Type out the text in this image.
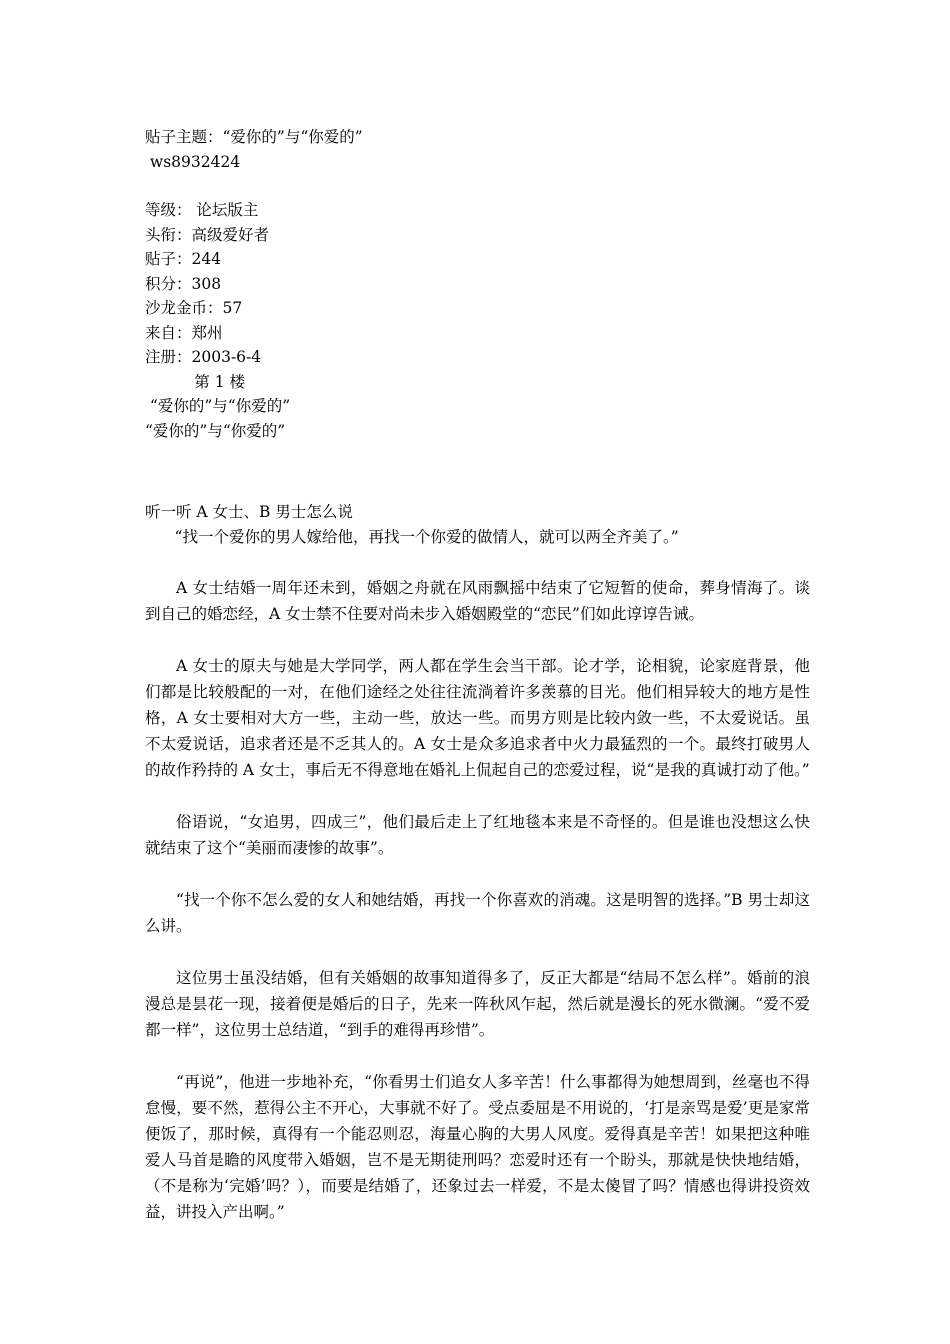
贴子主题：“爱你的”与“你爱的”

ws8932424

等级： 论坛版主

头衔：高级爱好者

贴子：244

积分：308

沙龙金币：57

来自：郑州

注册：2003-6-4

第 1 楼

“爱你的”与“你爱的”

“爱你的”与“你爱的”

听一听 A 女士、B 男士怎么说

“找一个爱你的男人嫁给他，再找一个你爱的做情人，就可以两全齐美了。”

A 女士结婚一周年还未到，婚姻之舟就在风雨飘摇中结束了它短暂的使命，葬身情海了。谈到自己的婚恋经，A 女士禁不住要对尚未步入婚姻殿堂的“恋民”们如此谆谆告诫。

A 女士的原夫与她是大学同学，两人都在学生会当干部。论才学，论相貌，论家庭背景，他们都是比较般配的一对，在他们途经之处往往流淌着许多羡慕的目光。他们相异较大的地方是性格，A 女士要相对大方一些，主动一些，放达一些。而男方则是比较内敛一些，不太爱说话。虽不太爱说话，追求者还是不乏其人的。A 女士是众多追求者中火力最猛烈的一个。最终打破男人的故作矜持的 A 女士，事后无不得意地在婚礼上侃起自己的恋爱过程，说“是我的真诚打动了他。”

俗语说，“女追男，四成三”，他们最后走上了红地毯本来是不奇怪的。但是谁也没想这么快就结束了这个“美丽而凄惨的故事”。

“找一个你不怎么爱的女人和她结婚，再找一个你喜欢的消魂。这是明智的选择。”B 男士却这么讲。

这位男士虽没结婚，但有关婚姻的故事知道得多了，反正大都是“结局不怎么样”。婚前的浪漫总是昙花一现，接着便是婚后的日子，先来一阵秋风乍起，然后就是漫长的死水微澜。“爱不爱都一样”，这位男士总结道，“到手的难得再珍惜”。

“再说”，他进一步地补充，“你看男士们追女人多辛苦！什么事都得为她想周到，丝毫也不得怠慢，要不然，惹得公主不开心，大事就不好了。受点委屈是不用说的，‘打是亲骂是爱’更是家常便饭了，那时候，真得有一个能忍则忍，海量心胸的大男人风度。爱得真是辛苦！如果把这种唯爱人马首是瞻的风度带入婚姻，岂不是无期徒刑吗？恋爱时还有一个盼头，那就是快快地结婚，（不是称为‘完婚’吗？），而要是结婚了，还象过去一样爱，不是太傻冒了吗？情感也得讲投资效益，讲投入产出啊。”
